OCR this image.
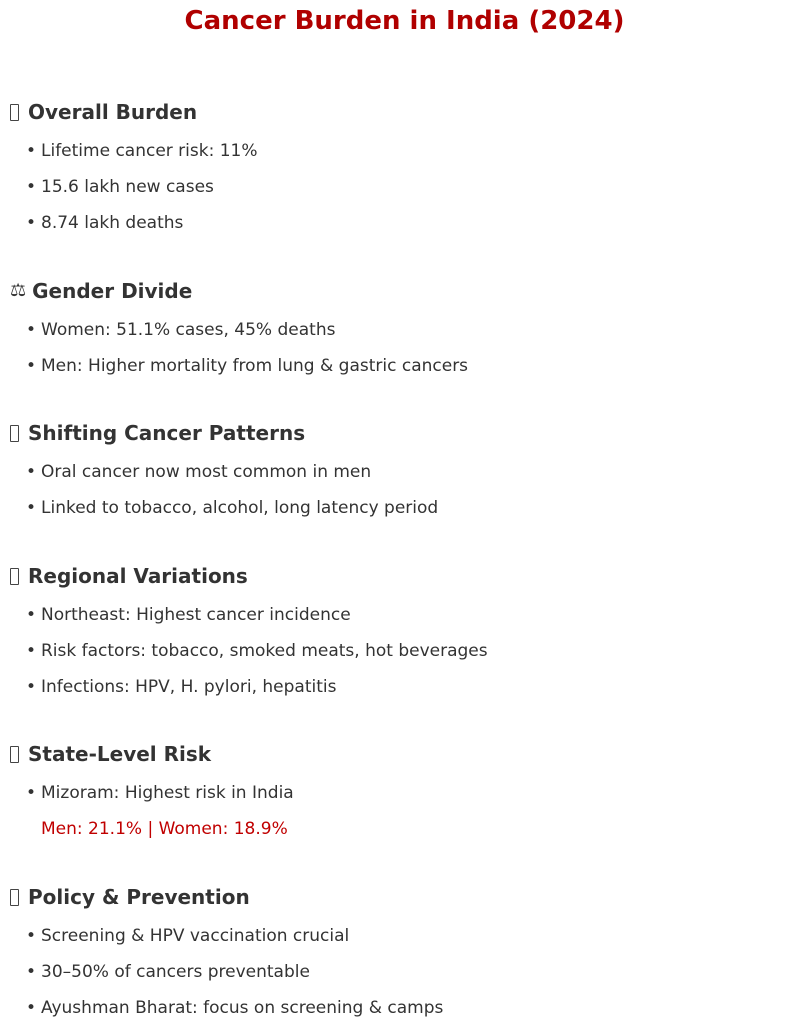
Cancer Burden in India (2024)
Overall Burden
• Lifetime cancer risk: 11%
• 15.6 lakh new cases
• 8.74 lakh deaths
⚖ Gender Divide
• Women: 51.1% cases, 45% deaths
• Men: Higher mortality from lung & gastric cancers
Shifting Cancer Patterns
• Oral cancer now most common in men
• Linked to tobacco, alcohol, long latency period
Regional Variations
• Northeast: Highest cancer incidence
• Risk factors: tobacco, smoked meats, hot beverages
• Infections: HPV, H. pylori, hepatitis
State-Level Risk
• Mizoram: Highest risk in India
Men: 21.1% | Women: 18.9%
Policy & Prevention
• Screening & HPV vaccination crucial
• 30–50% of cancers preventable
• Ayushman Bharat: focus on screening & camps
